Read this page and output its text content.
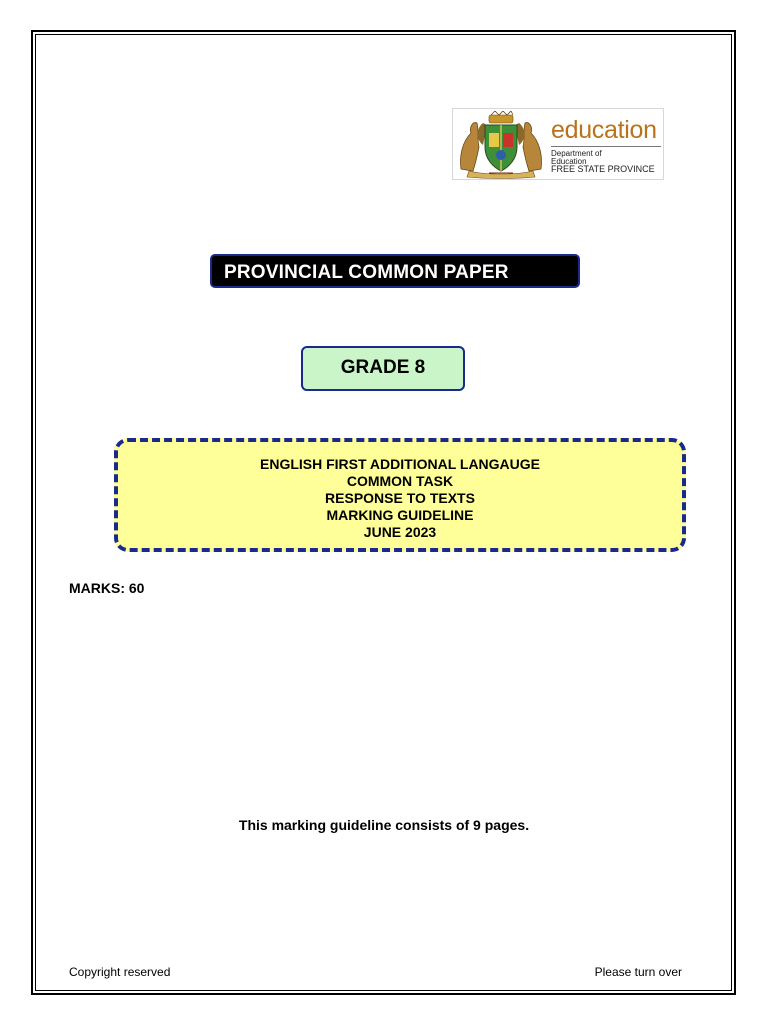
education
Department of
Education
FREE STATE PROVINCE
PROVINCIAL COMMON PAPER
GRADE 8
ENGLISH FIRST ADDITIONAL LANGAUGE
COMMON TASK
RESPONSE TO TEXTS
MARKING GUIDELINE
JUNE 2023
MARKS: 60
This marking guideline consists of 9 pages.
Copyright reserved	Please turn over
